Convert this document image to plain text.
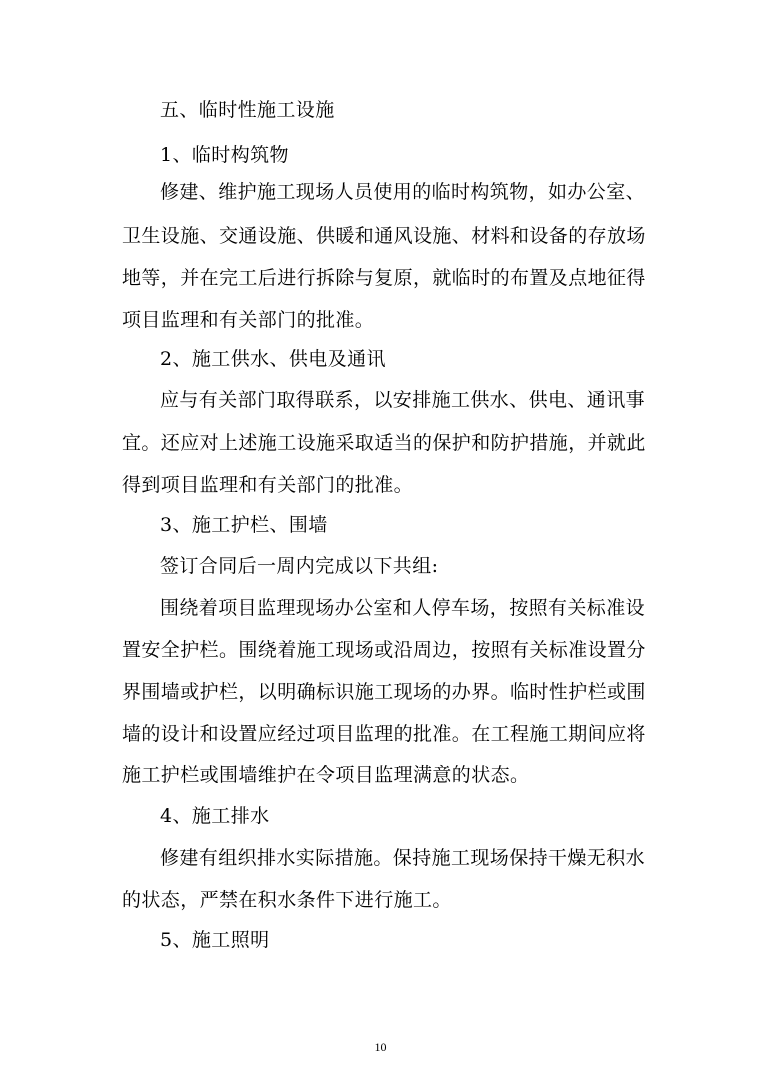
五、临时性施工设施
1、临时构筑物
修建、维护施工现场人员使用的临时构筑物，如办公室、
卫生设施、交通设施、供暖和通风设施、材料和设备的存放场
地等，并在完工后进行拆除与复原，就临时的布置及点地征得
项目监理和有关部门的批准。
2、施工供水、供电及通讯
应与有关部门取得联系，以安排施工供水、供电、通讯事
宜。还应对上述施工设施采取适当的保护和防护措施，并就此
得到项目监理和有关部门的批准。
3、施工护栏、围墙
签订合同后一周内完成以下共组:
围绕着项目监理现场办公室和人停车场，按照有关标准设
置安全护栏。围绕着施工现场或沿周边，按照有关标准设置分
界围墙或护栏，以明确标识施工现场的办界。临时性护栏或围
墙的设计和设置应经过项目监理的批准。在工程施工期间应将
施工护栏或围墙维护在令项目监理满意的状态。
4、施工排水
修建有组织排水实际措施。保持施工现场保持干燥无积水
的状态，严禁在积水条件下进行施工。
5、施工照明
10
